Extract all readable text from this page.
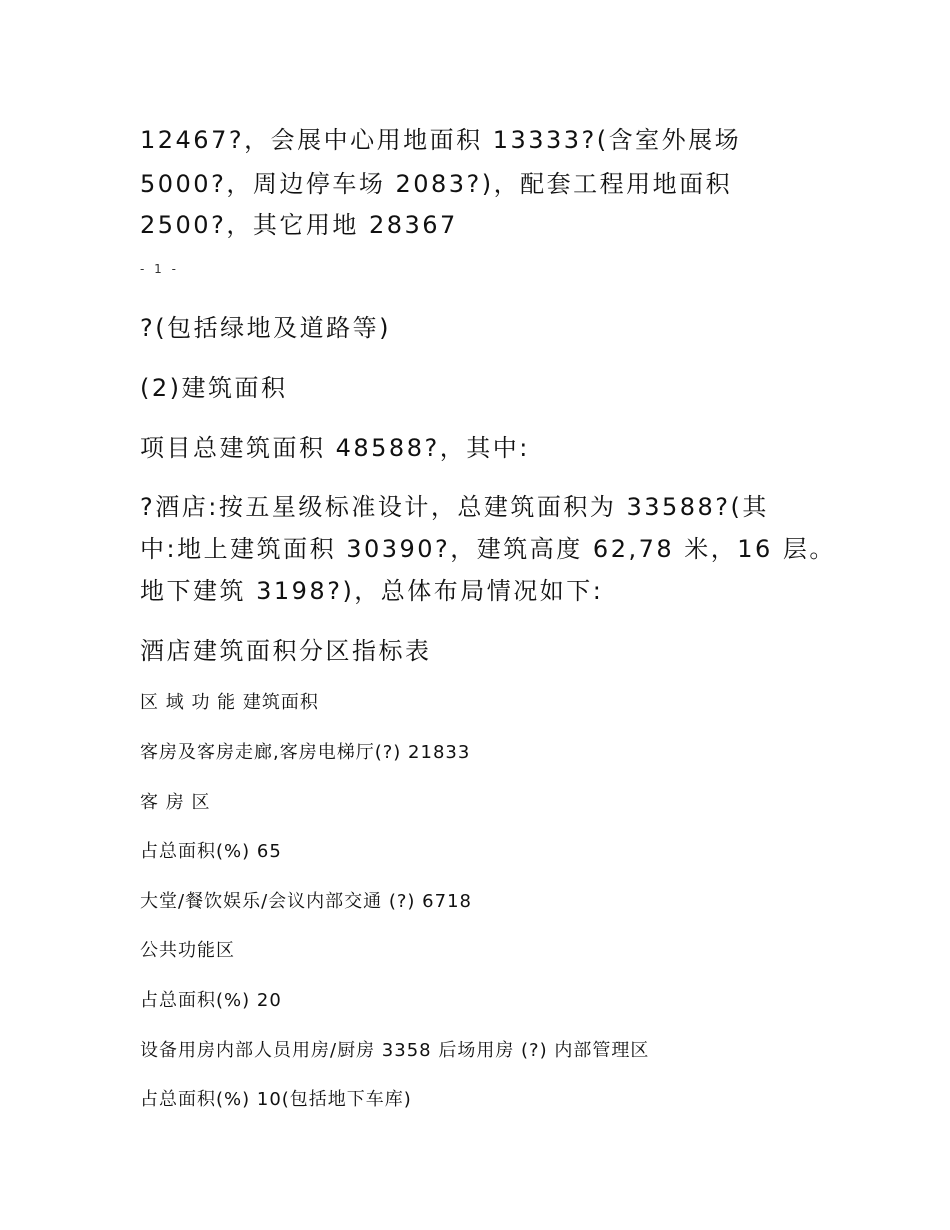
12467?，会展中心用地面积 13333?(含室外展场
5000?，周边停车场 2083?)，配套工程用地面积
2500?，其它用地 28367
- 1 -
?(包括绿地及道路等)
(2)建筑面积
项目总建筑面积 48588?，其中:
?酒店:按五星级标准设计，总建筑面积为 33588?(其
中:地上建筑面积 30390?，建筑高度 62,78 米，16 层。
地下建筑 3198?)，总体布局情况如下:
酒店建筑面积分区指标表
区 域 功 能 建筑面积
客房及客房走廊,客房电梯厅(?) 21833
客 房 区
占总面积(%) 65
大堂/餐饮娱乐/会议内部交通 (?) 6718
公共功能区
占总面积(%) 20
设备用房内部人员用房/厨房 3358 后场用房 (?) 内部管理区
占总面积(%) 10(包括地下车库)
